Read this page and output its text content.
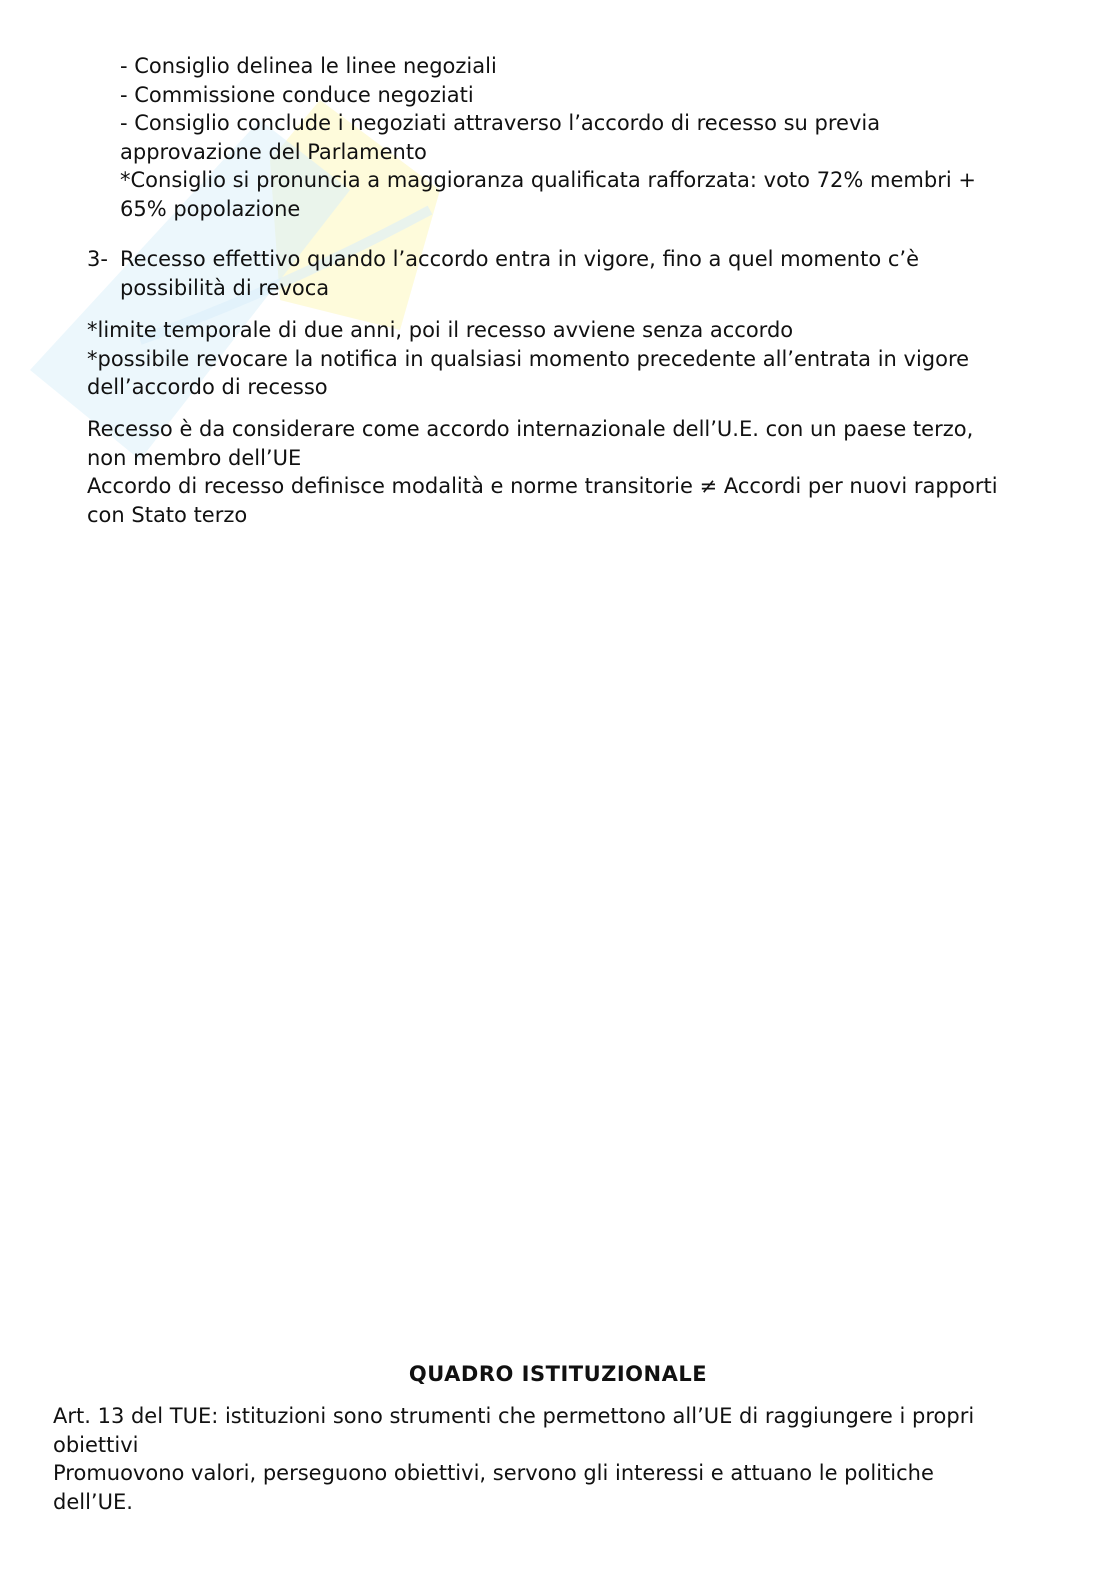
- Consiglio delinea le linee negoziali
- Commissione conduce negoziati
- Consiglio conclude i negoziati attraverso l’accordo di recesso su previa
approvazione del Parlamento
*Consiglio si pronuncia a maggioranza qualificata rafforzata: voto 72% membri +
65% popolazione
3- Recesso effettivo quando l’accordo entra in vigore, fino a quel momento c’è
possibilità di revoca
*limite temporale di due anni, poi il recesso avviene senza accordo
*possibile revocare la notifica in qualsiasi momento precedente all’entrata in vigore
dell’accordo di recesso
Recesso è da considerare come accordo internazionale dell’U.E. con un paese terzo,
non membro dell’UE
Accordo di recesso definisce modalità e norme transitorie ≠ Accordi per nuovi rapporti
con Stato terzo
QUADRO ISTITUZIONALE
Art. 13 del TUE: istituzioni sono strumenti che permettono all’UE di raggiungere i propri
obiettivi
Promuovono valori, perseguono obiettivi, servono gli interessi e attuano le politiche
dell’UE.
